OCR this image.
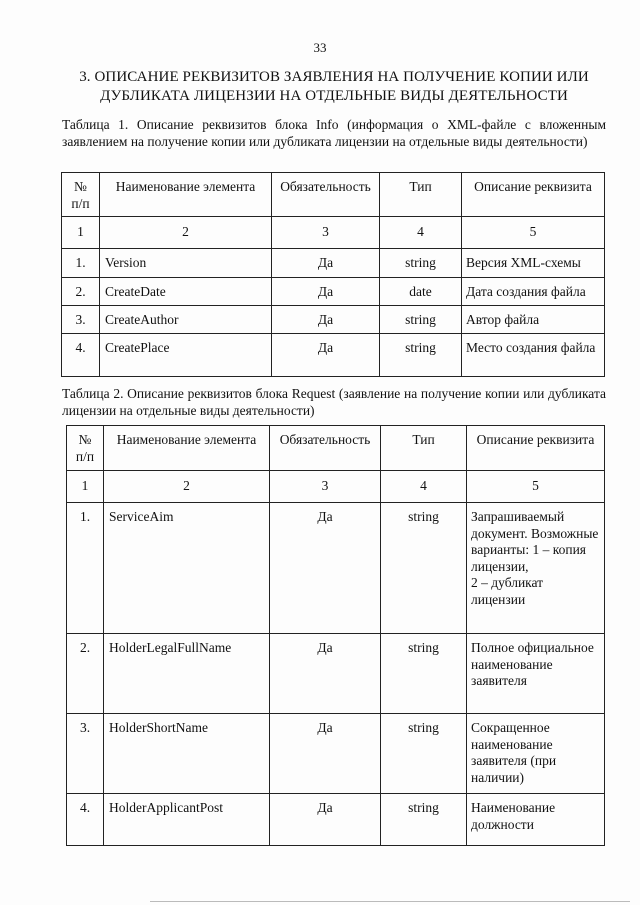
33
3. ОПИСАНИЕ РЕКВИЗИТОВ ЗАЯВЛЕНИЯ НА ПОЛУЧЕНИЕ КОПИИ ИЛИ
ДУБЛИКАТА ЛИЦЕНЗИИ НА ОТДЕЛЬНЫЕ ВИДЫ ДЕЯТЕЛЬНОСТИ
Таблица 1. Описание реквизитов блока Info (информация о XML-файле с вложенным заявлением на получение копии или дубликата лицензии на отдельные виды деятельности)
№
п/п	Наименование элемента	Обязательность	Тип	Описание реквизита
1	2	3	4	5
1.	Version	Да	string	Версия XML-схемы
2.	CreateDate	Да	date	Дата создания файла
3.	CreateAuthor	Да	string	Автор файла
4.	CreatePlace	Да	string	Место создания файла
Таблица 2. Описание реквизитов блока Request (заявление на получение копии или дубликата лицензии на отдельные виды деятельности)
№
п/п	Наименование элемента	Обязательность	Тип	Описание реквизита
1	2	3	4	5
1.	ServiceAim	Да	string	Запрашиваемый документ. Возможные варианты: 1 – копия лицензии,
2 – дубликат лицензии
2.	HolderLegalFullName	Да	string	Полное официальное наименование заявителя
3.	HolderShortName	Да	string	Сокращенное наименование заявителя (при наличии)
4.	HolderApplicantPost	Да	string	Наименование должности
